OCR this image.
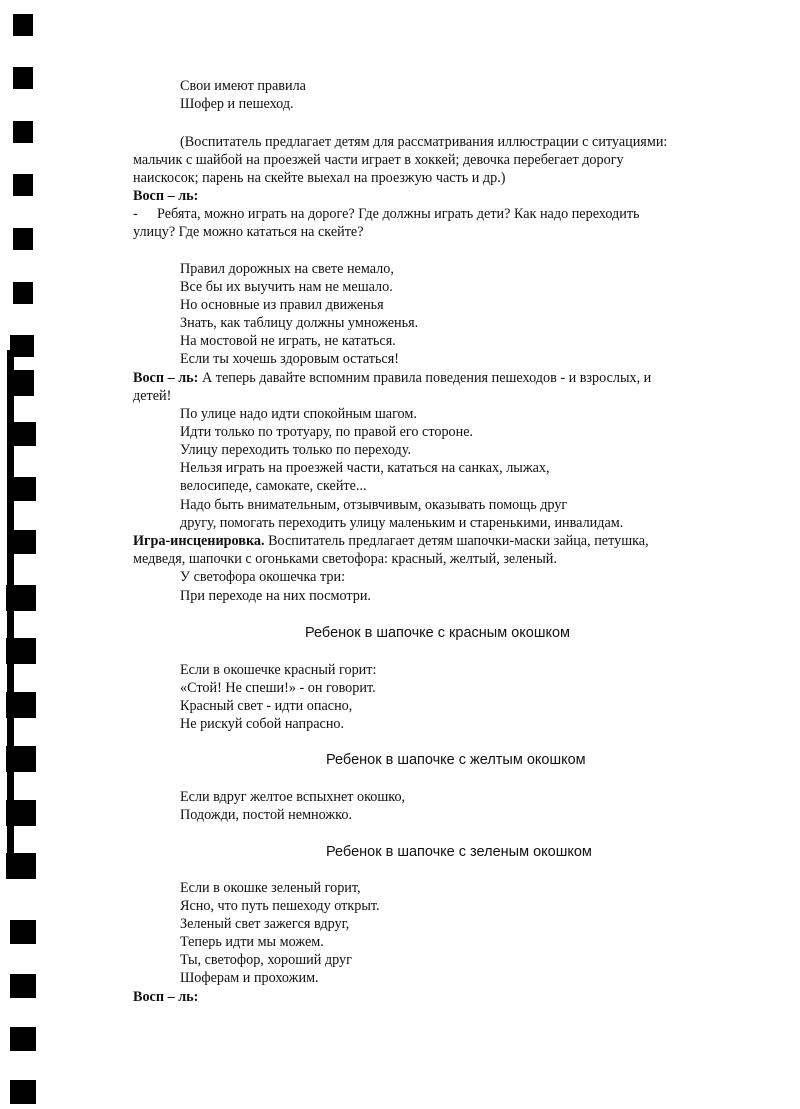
Свои имеют правила
Шофер и пешеход.
(Воспитатель предлагает детям для рассматривания иллюстрации с ситуациями:
мальчик с шайбой на проезжей части играет в хоккей; девочка перебегает дорогу
наискосок; парень на скейте выехал на проезжую часть и др.)
Восп – ль:
- Ребята, можно играть на дороге? Где должны играть дети? Как надо переходить
улицу? Где можно кататься на скейте?
Правил дорожных на свете немало,
Все бы их выучить нам не мешало.
Но основные из правил движенья
Знать, как таблицу должны умноженья.
На мостовой не играть, не кататься.
Если ты хочешь здоровым остаться!
Восп – ль: А теперь давайте вспомним правила поведения пешеходов - и взрослых, и
детей!
По улице надо идти спокойным шагом.
Идти только по тротуару, по правой его стороне.
Улицу переходить только по переходу.
Нельзя играть на проезжей части, кататься на санках, лыжах,
велосипеде, самокате, скейте...
Надо быть внимательным, отзывчивым, оказывать помощь друг
другу, помогать переходить улицу маленьким и старенькими, инвалидам.
Игра-инсценировка. Воспитатель предлагает детям шапочки-маски зайца, петушка,
медведя, шапочки с огоньками светофора: красный, желтый, зеленый.
У светофора окошечка три:
При переходе на них посмотри.
Ребенок в шапочке с красным окошком
Если в окошечке красный горит:
«Стой! Не спеши!» - он говорит.
Красный свет - идти опасно,
Не рискуй собой напрасно.
Ребенок в шапочке с желтым окошком
Если вдруг желтое вспыхнет окошко,
Подожди, постой немножко.
Ребенок в шапочке с зеленым окошком
Если в окошке зеленый горит,
Ясно, что путь пешеходу открыт.
Зеленый свет зажегся вдруг,
Теперь идти мы можем.
Ты, светофор, хороший друг
Шоферам и прохожим.
Восп – ль:
